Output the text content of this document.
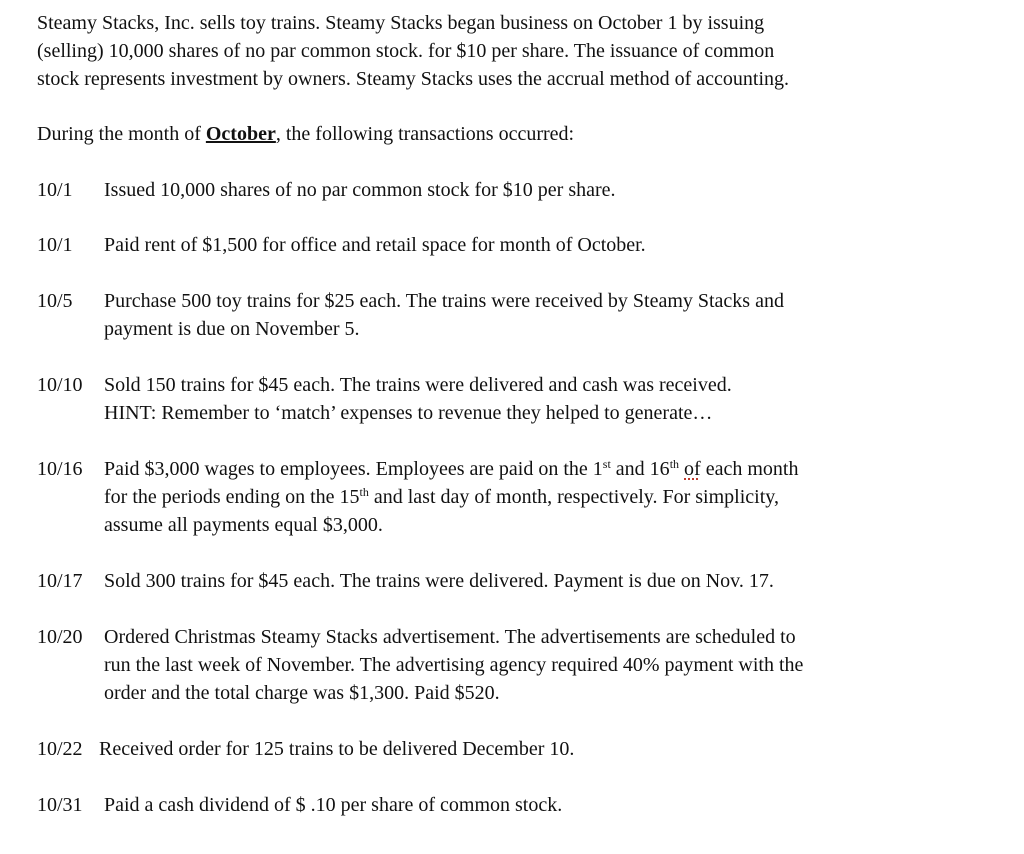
Steamy Stacks, Inc. sells toy trains. Steamy Stacks began business on October 1 by issuing
(selling) 10,000 shares of no par common stock. for $10 per share. The issuance of common
stock represents investment by owners. Steamy Stacks uses the accrual method of accounting.

During the month of October, the following transactions occurred:

10/1	Issued 10,000 shares of no par common stock for $10 per share.
10/1	Paid rent of $1,500 for office and retail space for month of October.
10/5	Purchase 500 toy trains for $25 each. The trains were received by Steamy Stacks and
payment is due on November 5.
10/10	Sold 150 trains for $45 each. The trains were delivered and cash was received.
HINT: Remember to ‘match’ expenses to revenue they helped to generate…
10/16	Paid $3,000 wages to employees. Employees are paid on the 1st and 16th of each month
for the periods ending on the 15th and last day of month, respectively. For simplicity,
assume all payments equal $3,000.
10/17	Sold 300 trains for $45 each. The trains were delivered. Payment is due on Nov. 17.
10/20	Ordered Christmas Steamy Stacks advertisement. The advertisements are scheduled to
run the last week of November. The advertising agency required 40% payment with the
order and the total charge was $1,300. Paid $520.
10/22 Received order for 125 trains to be delivered December 10.
10/31	Paid a cash dividend of $ .10 per share of common stock.
